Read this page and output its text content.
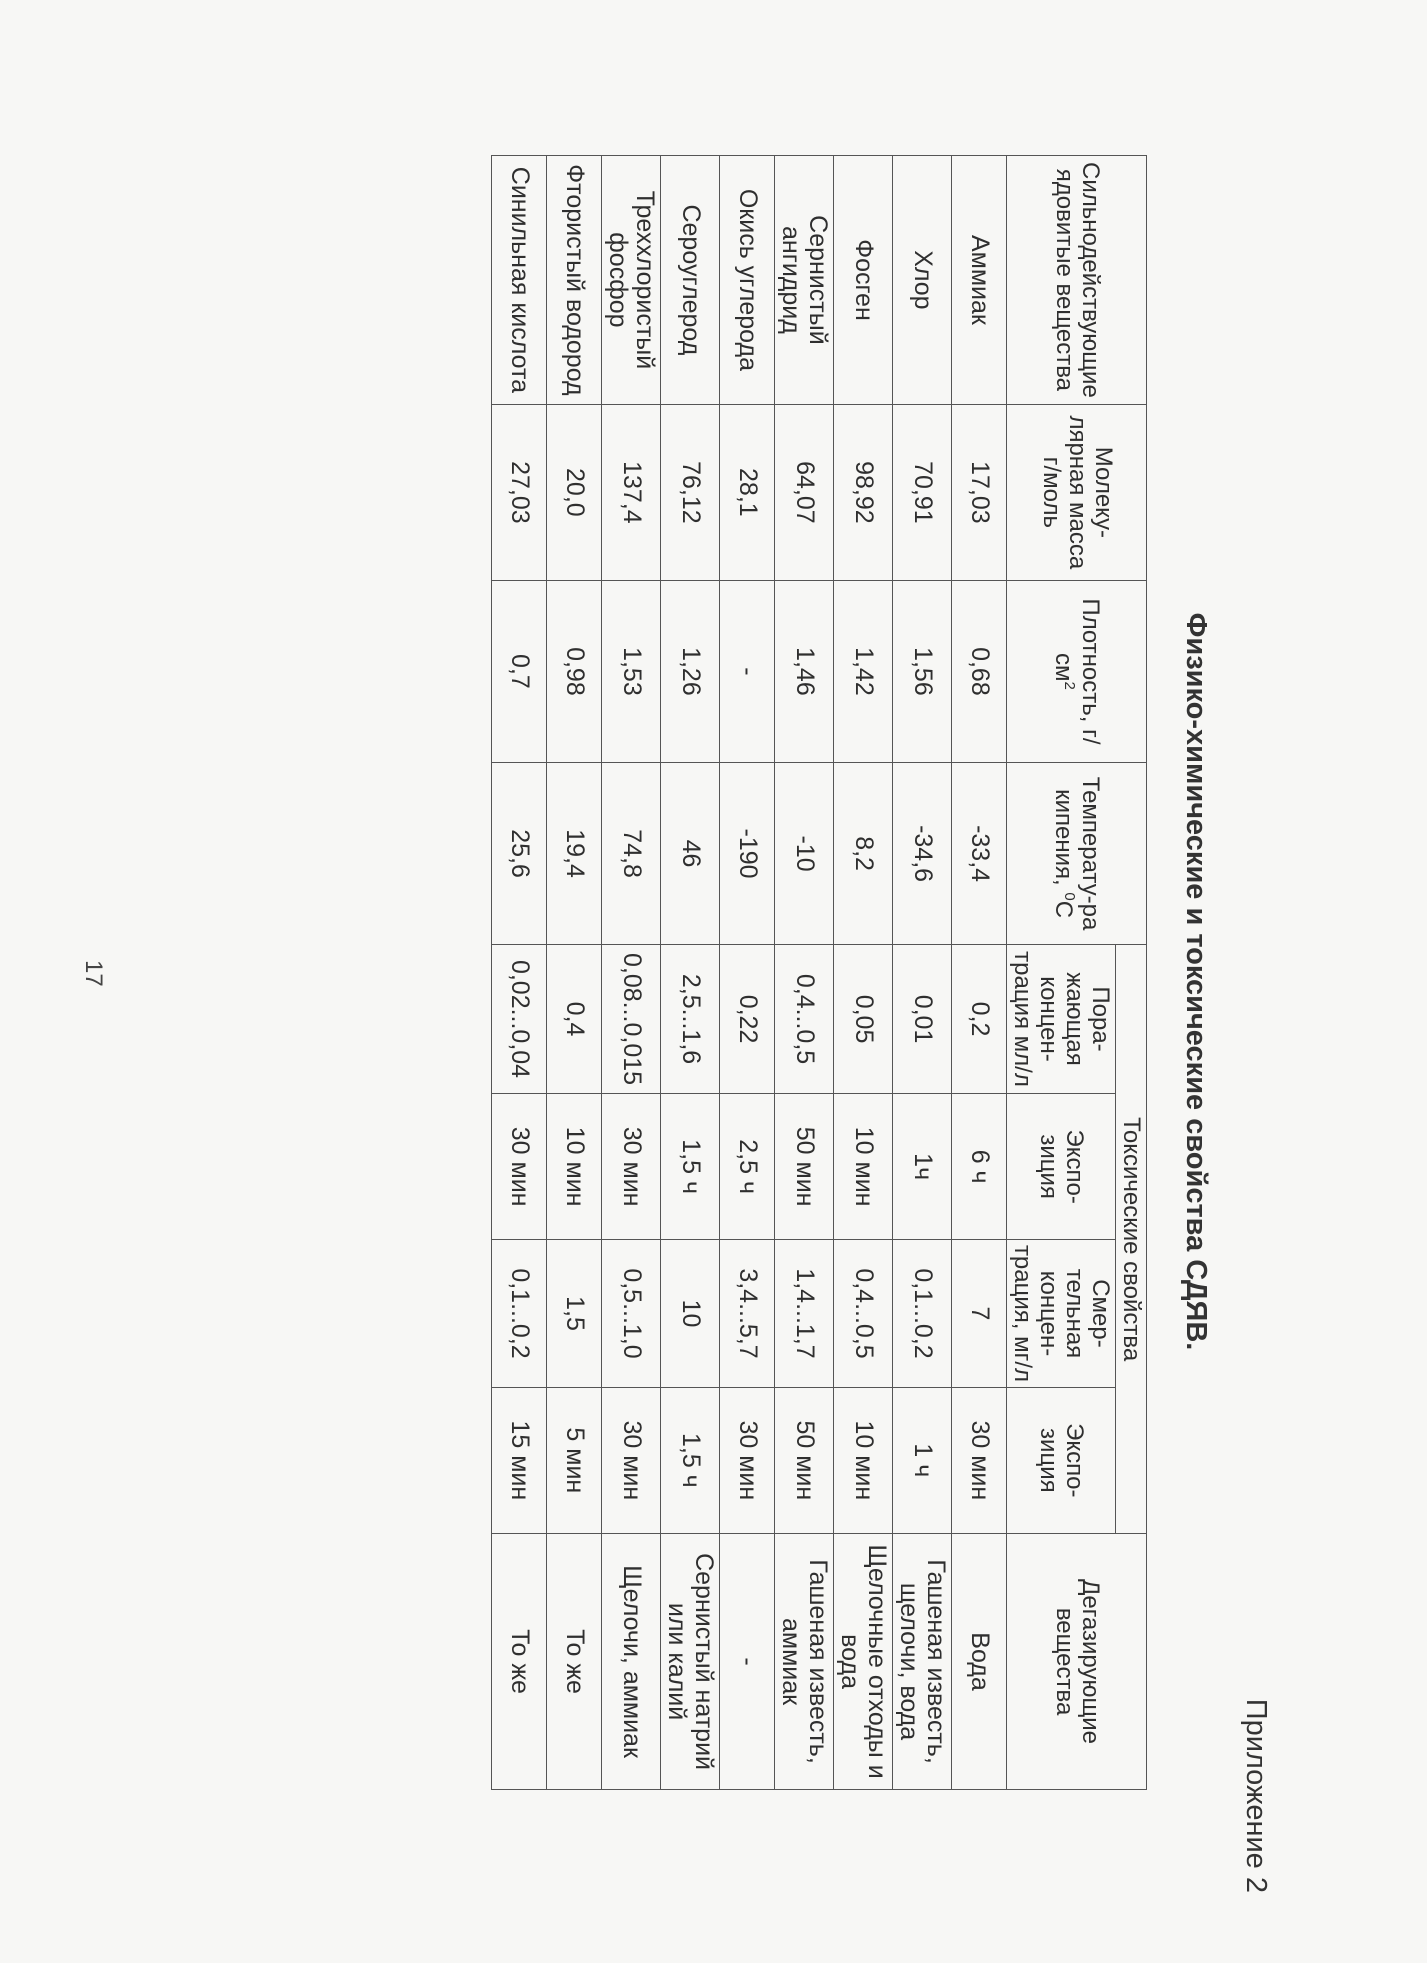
Приложение 2
Физико-химические и токсические свойства СДЯВ.
Сильнодействующие ядовитые вещества	Молеку-лярная масса г/моль	Плотность, $г/см^2$	Температу-ра кипения, $^0$С	Токсические свойства				Дегазирующие вещества
				Пора-жающая концен-трация мл/л	Экспо-зиция	Смер-тельная концен-трация, мг/л	Экспо-зиция	
Аммиак	17,03	0,68	-33,4	0,2	6 ч	7	30 мин	Вода
Хлор	70,91	1,56	-34,6	0,01	1ч	0,1...0,2	1 ч	Гашеная известь, щелочи, вода
Фосген	98,92	1,42	8,2	0,05	10 мин	0,4...0,5	10 мин	Щелочные отходы и вода
Сернистый ангидрид	64,07	1,46	-10	0,4...0,5	50 мин	1,4...1,7	50 мин	Гашеная известь, аммиак
Окись углерода	28,1	-	-190	0,22	2,5 ч	3,4...5,7	30 мин	-
Сероуглерод	76,12	1,26	46	2,5...1,6	1,5 ч	10	1,5 ч	Сернистый натрий или калий
Треххлористый фосфор	137,4	1,53	74,8	0,08...0,015	30 мин	0,5...1,0	30 мин	Щелочи, аммиак
Фтористый водород	20,0	0,98	19,4	0,4	10 мин	1,5	5 мин	То же
Синильная кислота	27,03	0,7	25,6	0,02...0,04	30 мин	0,1...0,2	15 мин	То же
17
